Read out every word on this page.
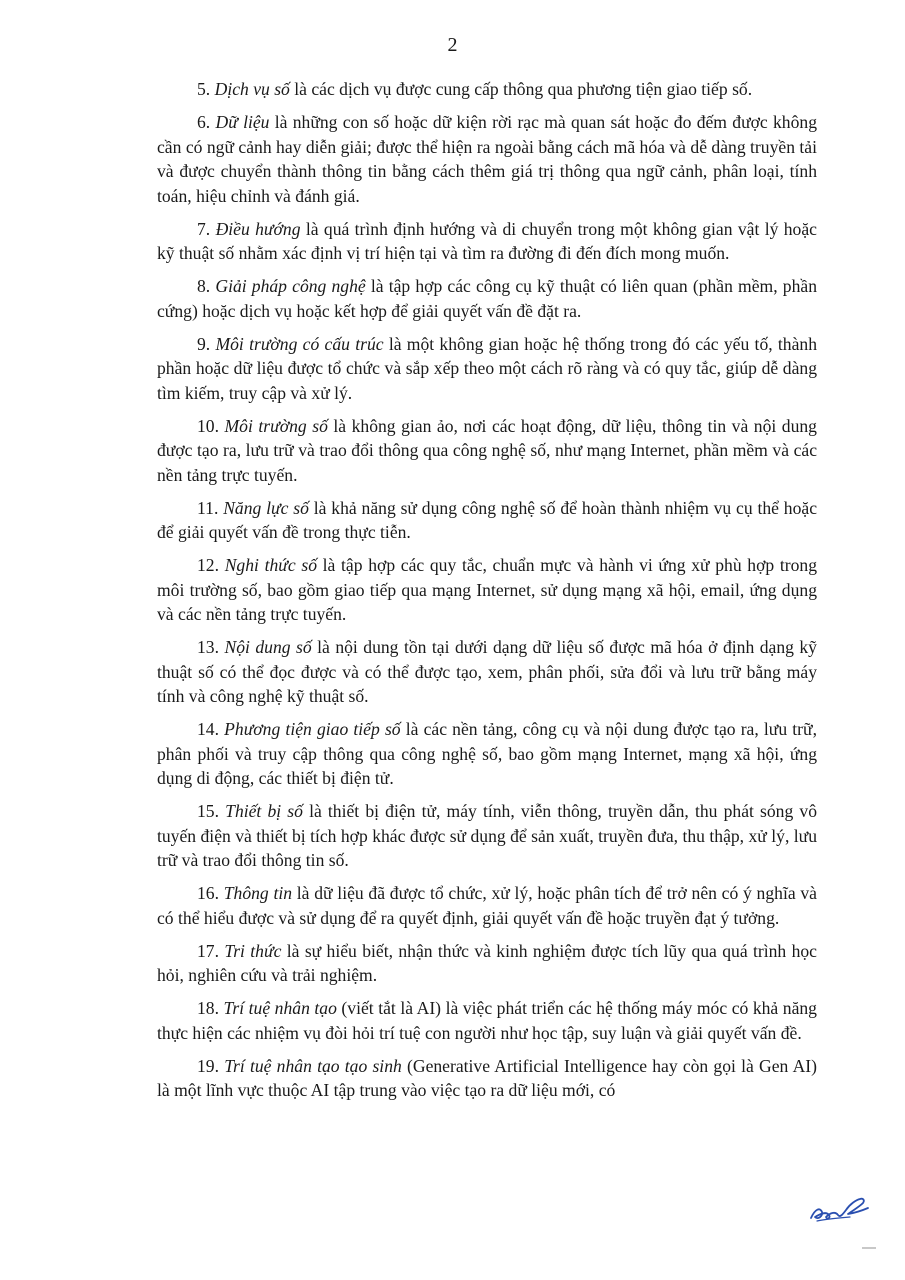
2

5. Dịch vụ số là các dịch vụ được cung cấp thông qua phương tiện giao tiếp số.

6. Dữ liệu là những con số hoặc dữ kiện rời rạc mà quan sát hoặc đo đếm được không cần có ngữ cảnh hay diễn giải; được thể hiện ra ngoài bằng cách mã hóa và dễ dàng truyền tải và được chuyển thành thông tin bằng cách thêm giá trị thông qua ngữ cảnh, phân loại, tính toán, hiệu chỉnh và đánh giá.

7. Điều hướng là quá trình định hướng và di chuyển trong một không gian vật lý hoặc kỹ thuật số nhằm xác định vị trí hiện tại và tìm ra đường đi đến đích mong muốn.

8. Giải pháp công nghệ là tập hợp các công cụ kỹ thuật có liên quan (phần mềm, phần cứng) hoặc dịch vụ hoặc kết hợp để giải quyết vấn đề đặt ra.

9. Môi trường có cấu trúc là một không gian hoặc hệ thống trong đó các yếu tố, thành phần hoặc dữ liệu được tổ chức và sắp xếp theo một cách rõ ràng và có quy tắc, giúp dễ dàng tìm kiếm, truy cập và xử lý.

10. Môi trường số là không gian ảo, nơi các hoạt động, dữ liệu, thông tin và nội dung được tạo ra, lưu trữ và trao đổi thông qua công nghệ số, như mạng Internet, phần mềm và các nền tảng trực tuyến.

11. Năng lực số là khả năng sử dụng công nghệ số để hoàn thành nhiệm vụ cụ thể hoặc để giải quyết vấn đề trong thực tiễn.

12. Nghi thức số là tập hợp các quy tắc, chuẩn mực và hành vi ứng xử phù hợp trong môi trường số, bao gồm giao tiếp qua mạng Internet, sử dụng mạng xã hội, email, ứng dụng và các nền tảng trực tuyến.

13. Nội dung số là nội dung tồn tại dưới dạng dữ liệu số được mã hóa ở định dạng kỹ thuật số có thể đọc được và có thể được tạo, xem, phân phối, sửa đổi và lưu trữ bằng máy tính và công nghệ kỹ thuật số.

14. Phương tiện giao tiếp số là các nền tảng, công cụ và nội dung được tạo ra, lưu trữ, phân phối và truy cập thông qua công nghệ số, bao gồm mạng Internet, mạng xã hội, ứng dụng di động, các thiết bị điện tử.

15. Thiết bị số là thiết bị điện tử, máy tính, viễn thông, truyền dẫn, thu phát sóng vô tuyến điện và thiết bị tích hợp khác được sử dụng để sản xuất, truyền đưa, thu thập, xử lý, lưu trữ và trao đổi thông tin số.

16. Thông tin là dữ liệu đã được tổ chức, xử lý, hoặc phân tích để trở nên có ý nghĩa và có thể hiểu được và sử dụng để ra quyết định, giải quyết vấn đề hoặc truyền đạt ý tưởng.

17. Tri thức là sự hiểu biết, nhận thức và kinh nghiệm được tích lũy qua quá trình học hỏi, nghiên cứu và trải nghiệm.

18. Trí tuệ nhân tạo (viết tắt là AI) là việc phát triển các hệ thống máy móc có khả năng thực hiện các nhiệm vụ đòi hỏi trí tuệ con người như học tập, suy luận và giải quyết vấn đề.

19. Trí tuệ nhân tạo tạo sinh (Generative Artificial Intelligence hay còn gọi là Gen AI) là một lĩnh vực thuộc AI tập trung vào việc tạo ra dữ liệu mới, có
